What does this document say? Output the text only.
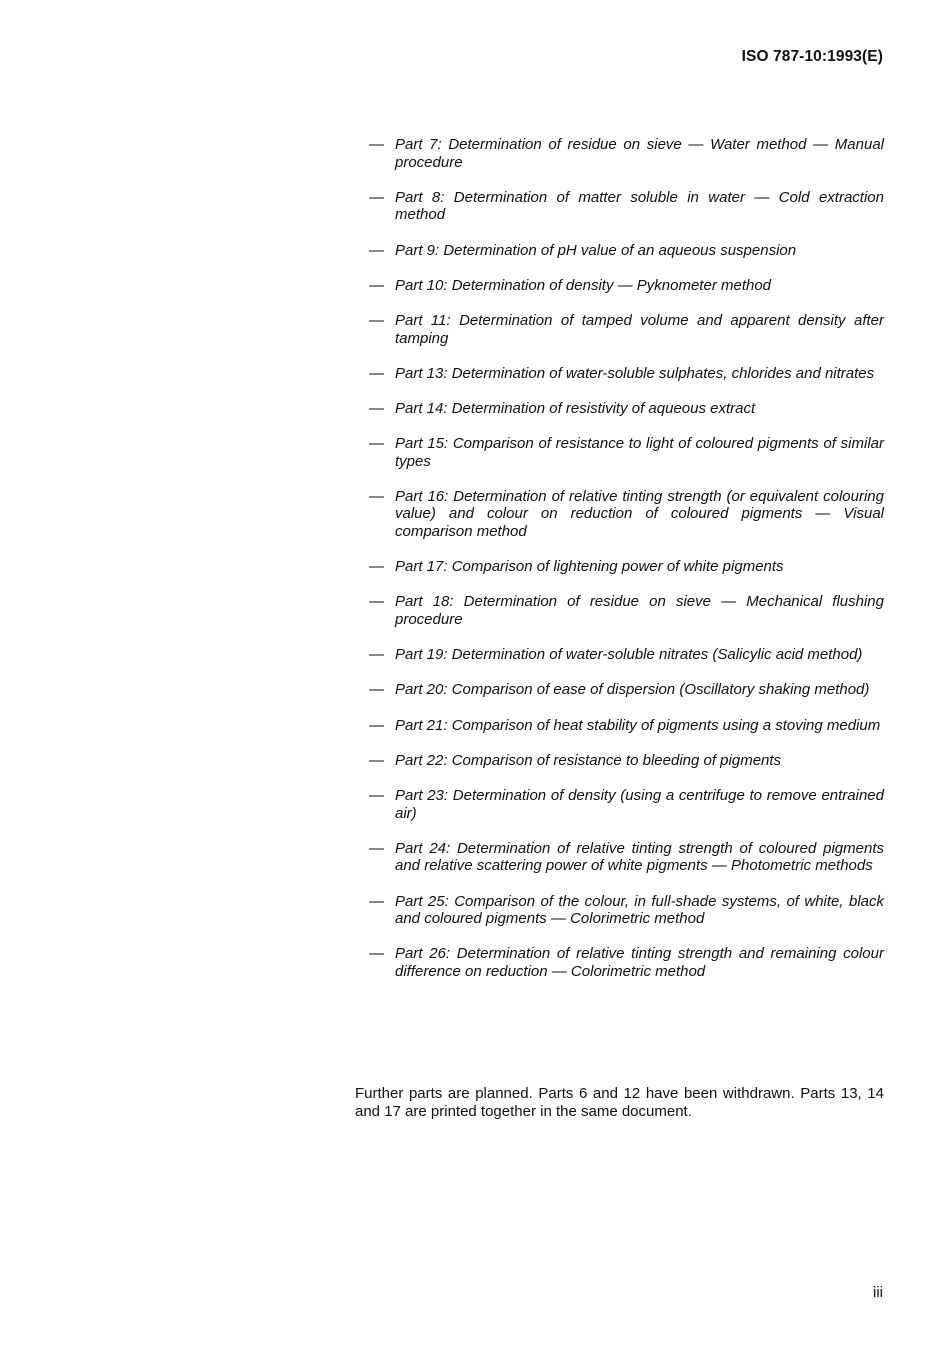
ISO 787-10:1993(E)
— Part 7: Determination of residue on sieve — Water method — Manual procedure
— Part 8: Determination of matter soluble in water — Cold extraction method
— Part 9: Determination of pH value of an aqueous suspension
— Part 10: Determination of density — Pyknometer method
— Part 11: Determination of tamped volume and apparent density after tamping
— Part 13: Determination of water-soluble sulphates, chlorides and nitrates
— Part 14: Determination of resistivity of aqueous extract
— Part 15: Comparison of resistance to light of coloured pigments of similar types
— Part 16: Determination of relative tinting strength (or equivalent colouring value) and colour on reduction of coloured pigments — Visual comparison method
— Part 17: Comparison of lightening power of white pigments
— Part 18: Determination of residue on sieve — Mechanical flushing procedure
— Part 19: Determination of water-soluble nitrates (Salicylic acid method)
— Part 20: Comparison of ease of dispersion (Oscillatory shaking method)
— Part 21: Comparison of heat stability of pigments using a stoving medium
— Part 22: Comparison of resistance to bleeding of pigments
— Part 23: Determination of density (using a centrifuge to remove entrained air)
— Part 24: Determination of relative tinting strength of coloured pigments and relative scattering power of white pigments — Photometric methods
— Part 25: Comparison of the colour, in full-shade systems, of white, black and coloured pigments — Colorimetric method
— Part 26: Determination of relative tinting strength and remaining colour difference on reduction — Colorimetric method

Further parts are planned. Parts 6 and 12 have been withdrawn. Parts 13, 14 and 17 are printed together in the same document.

iii
